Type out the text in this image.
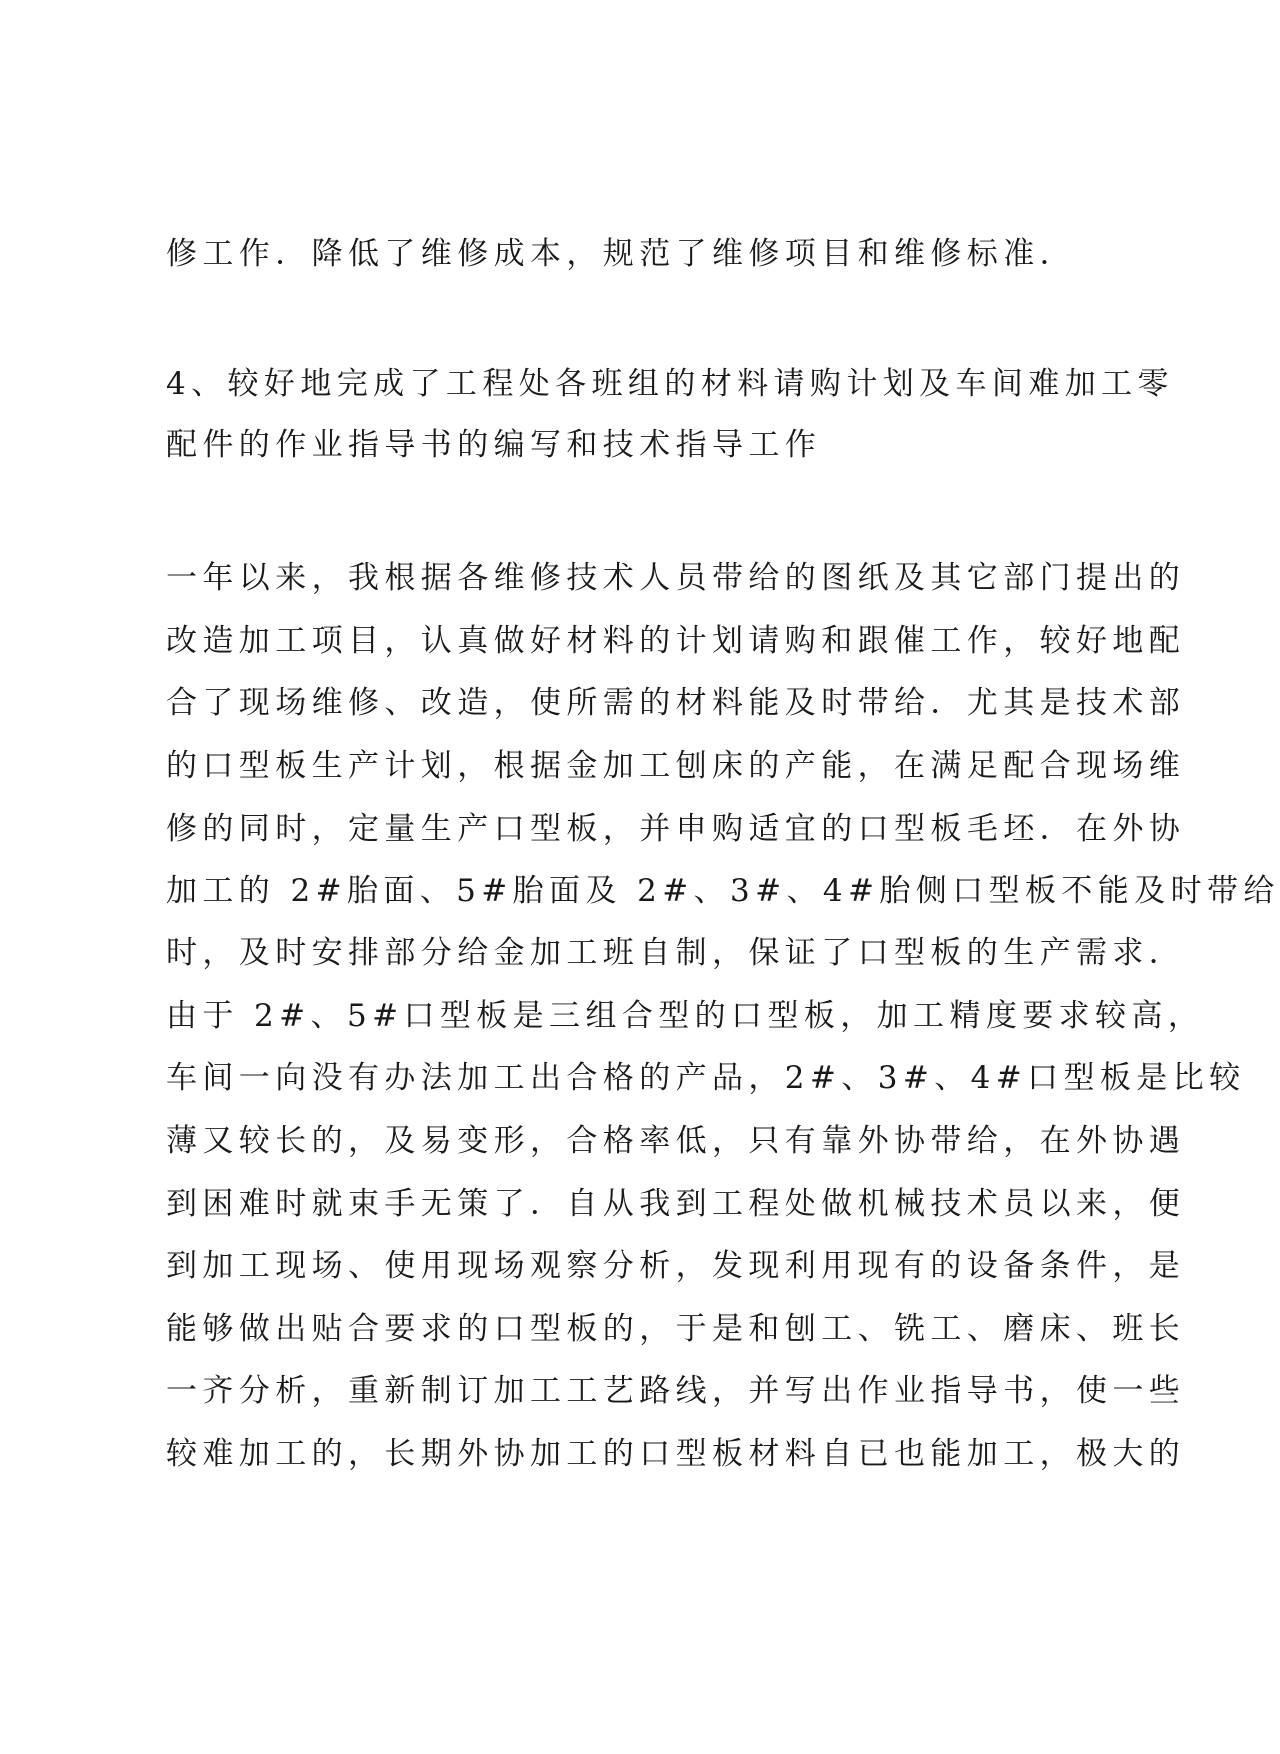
修工作．降低了维修成本，规范了维修项目和维修标准．
4、较好地完成了工程处各班组的材料请购计划及车间难加工零
配件的作业指导书的编写和技术指导工作
一年以来，我根据各维修技术人员带给的图纸及其它部门提出的
改造加工项目，认真做好材料的计划请购和跟催工作，较好地配
合了现场维修、改造，使所需的材料能及时带给．尤其是技术部
的口型板生产计划，根据金加工刨床的产能，在满足配合现场维
修的同时，定量生产口型板，并申购适宜的口型板毛坯．在外协
加工的 2#胎面、5#胎面及 2#、3#、4#胎侧口型板不能及时带给
时，及时安排部分给金加工班自制，保证了口型板的生产需求．
由于 2#、5#口型板是三组合型的口型板，加工精度要求较高，
车间一向没有办法加工出合格的产品，2#、3#、4#口型板是比较
薄又较长的，及易变形，合格率低，只有靠外协带给，在外协遇
到困难时就束手无策了．自从我到工程处做机械技术员以来，便
到加工现场、使用现场观察分析，发现利用现有的设备条件，是
能够做出贴合要求的口型板的，于是和刨工、铣工、磨床、班长
一齐分析，重新制订加工工艺路线，并写出作业指导书，使一些
较难加工的，长期外协加工的口型板材料自已也能加工，极大的
